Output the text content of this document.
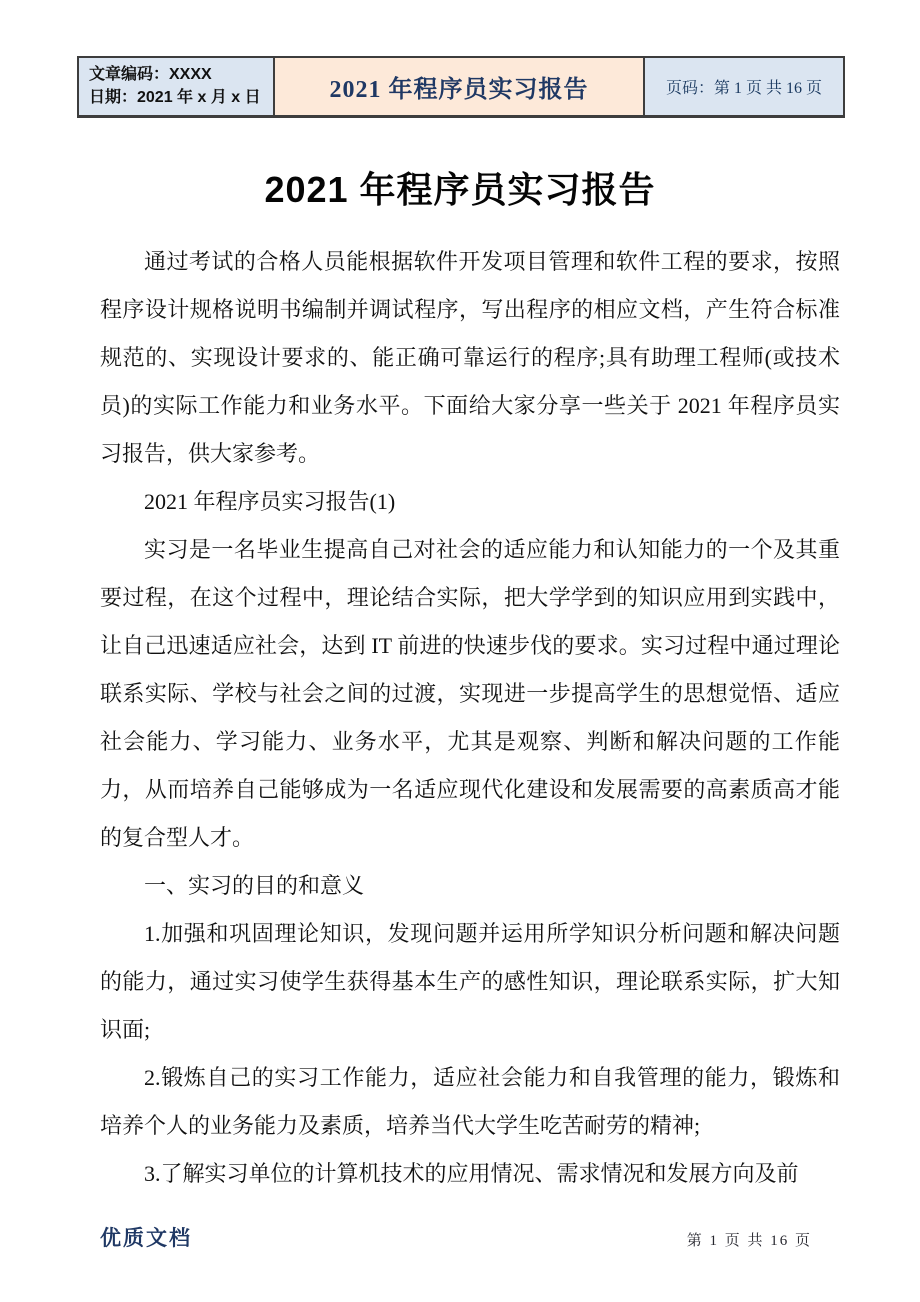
文章编码：XXXX
日期：2021 年 x 月 x 日	2021 年程序员实习报告	页码：第 1 页 共 16 页
2021 年程序员实习报告

通过考试的合格人员能根据软件开发项目管理和软件工程的要求，按照程序设计规格说明书编制并调试程序，写出程序的相应文档，产生符合标准规范的、实现设计要求的、能正确可靠运行的程序;具有助理工程师(或技术员)的实际工作能力和业务水平。下面给大家分享一些关于 2021 年程序员实习报告，供大家参考。

2021 年程序员实习报告(1)

实习是一名毕业生提高自己对社会的适应能力和认知能力的一个及其重要过程，在这个过程中，理论结合实际，把大学学到的知识应用到实践中，让自己迅速适应社会，达到 IT 前进的快速步伐的要求。实习过程中通过理论联系实际、学校与社会之间的过渡，实现进一步提高学生的思想觉悟、适应社会能力、学习能力、业务水平，尤其是观察、判断和解决问题的工作能力，从而培养自己能够成为一名适应现代化建设和发展需要的高素质高才能的复合型人才。

一、实习的目的和意义

1.加强和巩固理论知识，发现问题并运用所学知识分析问题和解决问题的能力，通过实习使学生获得基本生产的感性知识，理论联系实际，扩大知识面;

2.锻炼自己的实习工作能力，适应社会能力和自我管理的能力，锻炼和培养个人的业务能力及素质，培养当代大学生吃苦耐劳的精神;

3.了解实习单位的计算机技术的应用情况、需求情况和发展方向及前

优质文档	第 1 页 共 16 页
